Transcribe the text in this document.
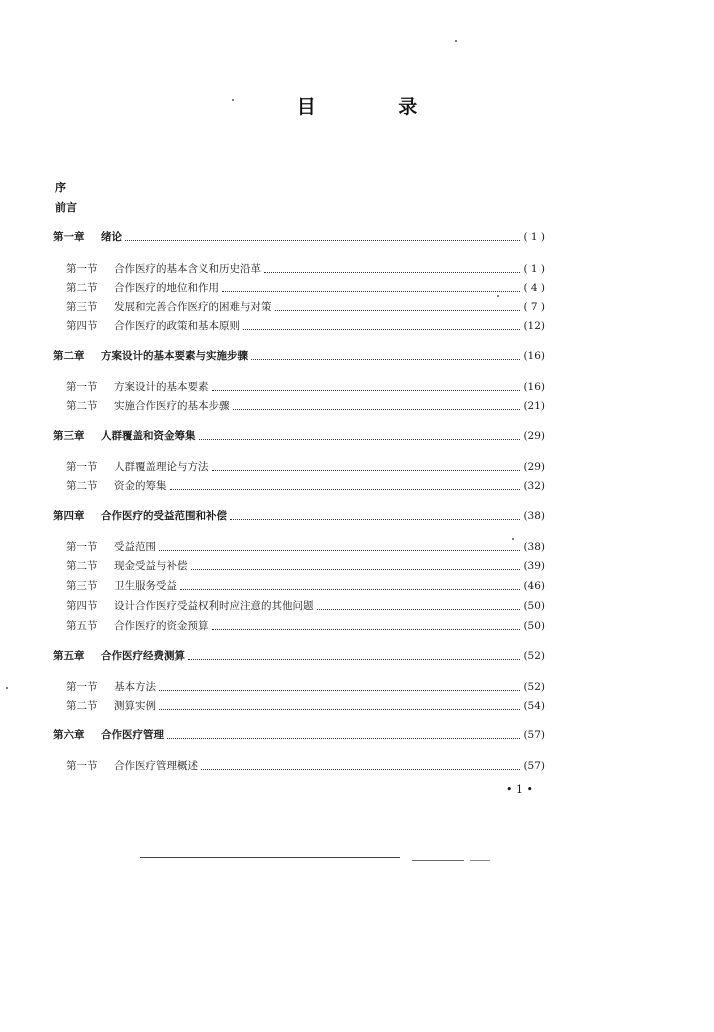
目 录
序
前言
第一章	绪论	( 1 )
第一节	合作医疗的基本含义和历史沿革	( 1 )
第二节	合作医疗的地位和作用	( 4 )
第三节	发展和完善合作医疗的困难与对策	( 7 )
第四节	合作医疗的政策和基本原则	(12)
第二章	方案设计的基本要素与实施步骤	(16)
第一节	方案设计的基本要素	(16)
第二节	实施合作医疗的基本步骤	(21)
第三章	人群覆盖和资金筹集	(29)
第一节	人群覆盖理论与方法	(29)
第二节	资金的筹集	(32)
第四章	合作医疗的受益范围和补偿	(38)
第一节	受益范围	(38)
第二节	现金受益与补偿	(39)
第三节	卫生服务受益	(46)
第四节	设计合作医疗受益权利时应注意的其他问题	(50)
第五节	合作医疗的资金预算	(50)
第五章	合作医疗经费测算	(52)
第一节	基本方法	(52)
第二节	测算实例	(54)
第六章	合作医疗管理	(57)
第一节	合作医疗管理概述	(57)
• 1 •
